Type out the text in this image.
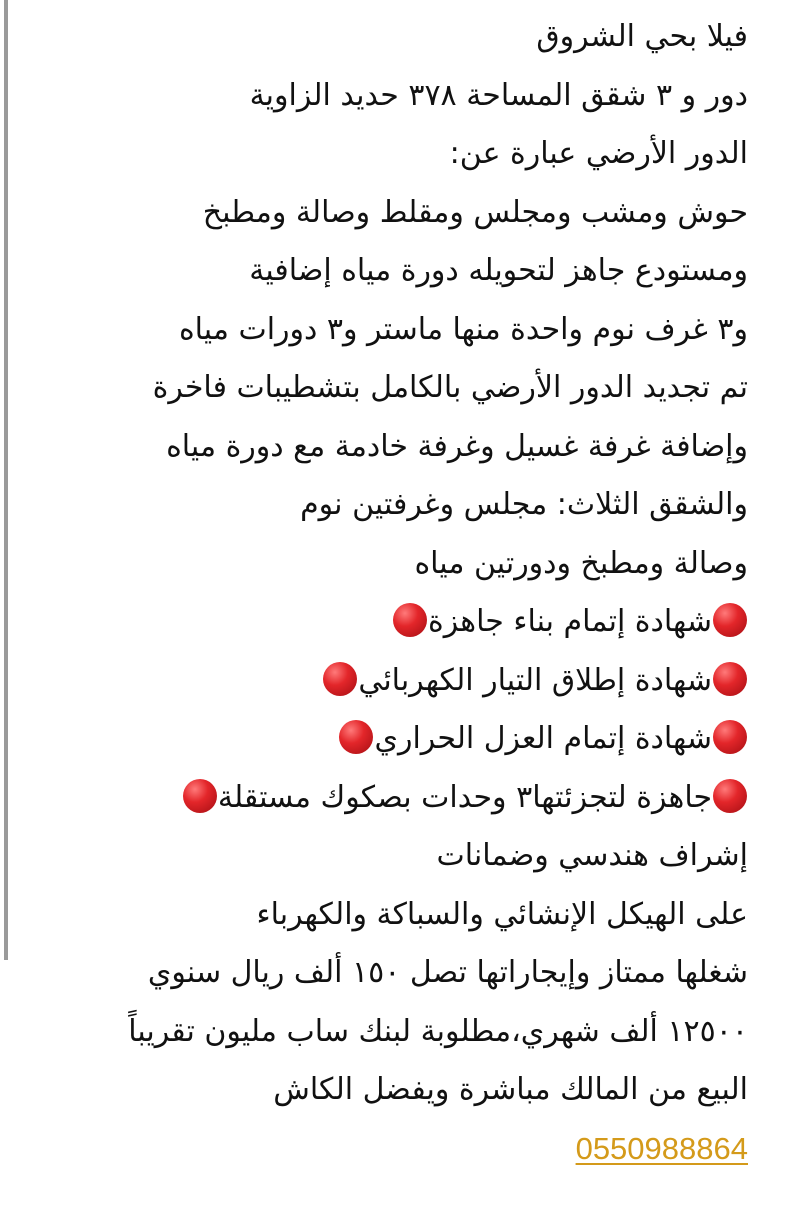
فيلا بحي الشروق
دور و ٣ شقق المساحة ٣٧٨ حديد الزاوية
الدور الأرضي عبارة عن:
حوش ومشب ومجلس ومقلط وصالة ومطبخ
ومستودع جاهز لتحويله دورة مياه إضافية
و٣ غرف نوم واحدة منها ماستر و٣ دورات مياه
تم تجديد الدور الأرضي بالكامل بتشطيبات فاخرة
وإضافة غرفة غسيل وغرفة خادمة مع دورة مياه
والشقق الثلاث: مجلس وغرفتين نوم
وصالة ومطبخ ودورتين مياه
شهادة إتمام بناء جاهزة
شهادة إطلاق التيار الكهربائي
شهادة إتمام العزل الحراري
جاهزة لتجزئتها٣ وحدات بصكوك مستقلة
إشراف هندسي وضمانات
على الهيكل الإنشائي والسباكة والكهرباء
شغلها ممتاز وإيجاراتها تصل ١٥٠ ألف ريال سنوي
١٢٥٠٠ ألف شهري،مطلوبة لبنك ساب مليون تقريباً
البيع من المالك مباشرة ويفضل الكاش
0550988864
